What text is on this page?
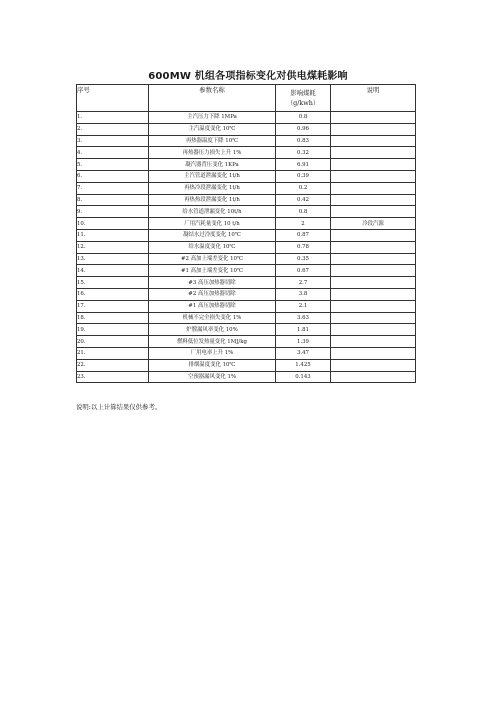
600MW 机组各项指标变化对供电煤耗影响
序号	参数名称	影响煤耗
（g/kwh）	说明
1.	主汽压力下降 1MPa	0.8	
2.	主汽温度变化 10℃	0.96	
3.	再热器温度下降 10℃	0.83	
4.	再热器压力损失上升 1%	0.32	
5.	凝汽器背压变化 1KPa	6.91	
6.	主汽管道泄漏变化 1t/h	0.39	
7.	再热冷段泄漏变化 1t/h	0.2	
8.	再热热段泄漏变化 1t/h	0.42	
9.	给水管道泄漏变化 10t/h	0.8	
10.	厂用汽耗量变化 10 t/h	2	冷段汽源
11.	凝结水过冷度变化 10℃	0.87	
12.	给水温度变化 10℃	0.78	
13.	#2 高加上端差变化 10℃	0.35	
14.	#1 高加上端差变化 10℃	0.67	
15.	#3 高压加热器切除	2.7	
16.	#2 高压加热器切除	3.8	
17.	#1 高压加热器切除	2.1	
18.	机械不完全损失变化 1%	3.63	
19.	炉膛漏风率变化 10%	1.81	
20.	燃料低位发热量变化 1MJ/kg	1.39	
21.	厂用电率上升 1%	3.47	
22.	排烟温度变化 10℃	1.425	
23.	空预器漏风变化 1%	0.143	
说明:以上计算结果仅供参考。
